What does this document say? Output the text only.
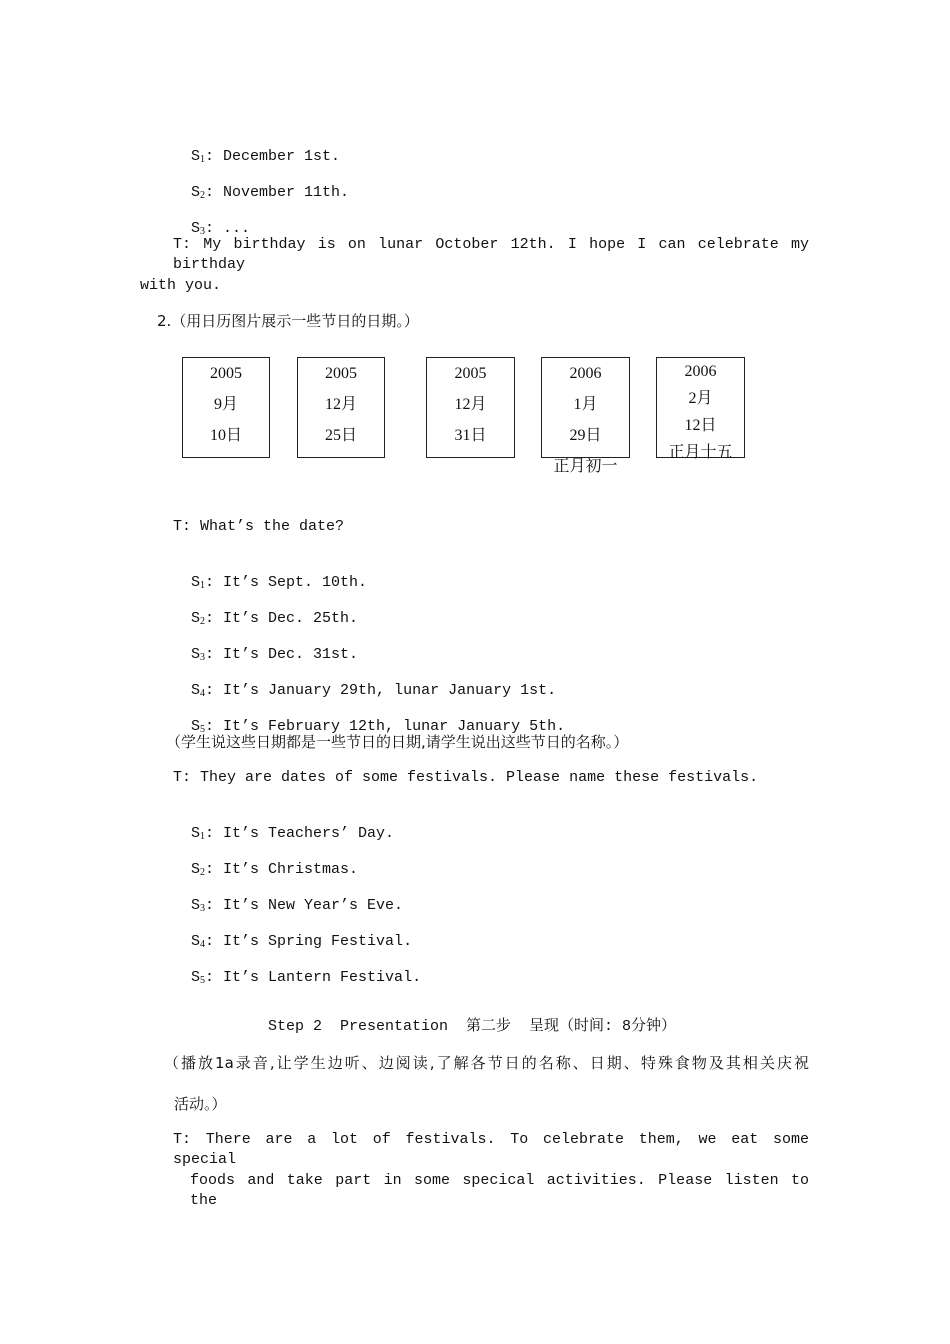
$S_1$: December 1st.

$S_2$: November 11th.

$S_3$: ...

T: My birthday is on lunar October 12th. I hope I can celebrate my birthday
with you.
2.（用日历图片展示一些节日的日期。）
2005
9月
10日
2005
12月
25日
2005
12月
31日
2006
1月
29日
正月初一
2006
2月
12日
正月十五
T: What’s the date?

$S_1$: It’s Sept. 10th.

$S_2$: It’s Dec. 25th.

$S_3$: It’s Dec. 31st.

$S_4$: It’s January 29th, lunar January 1st.

$S_5$: It’s February 12th, lunar January 5th.

（学生说这些日期都是一些节日的日期,请学生说出这些节日的名称。）
T: They are dates of some festivals. Please name these festivals.

$S_1$: It’s Teachers’ Day.

$S_2$: It’s Christmas.

$S_3$: It’s New Year’s Eve.

$S_4$: It’s Spring Festival.

$S_5$: It’s Lantern Festival.

Step 2  Presentation  第二步  呈现（时间: 8分钟）
（播放1a录音,让学生边听、边阅读,了解各节日的名称、日期、特殊食物及其相关庆祝
活动。）
T: There are a lot of festivals. To celebrate them, we eat some special
foods and take part in some specical activities. Please listen to the
